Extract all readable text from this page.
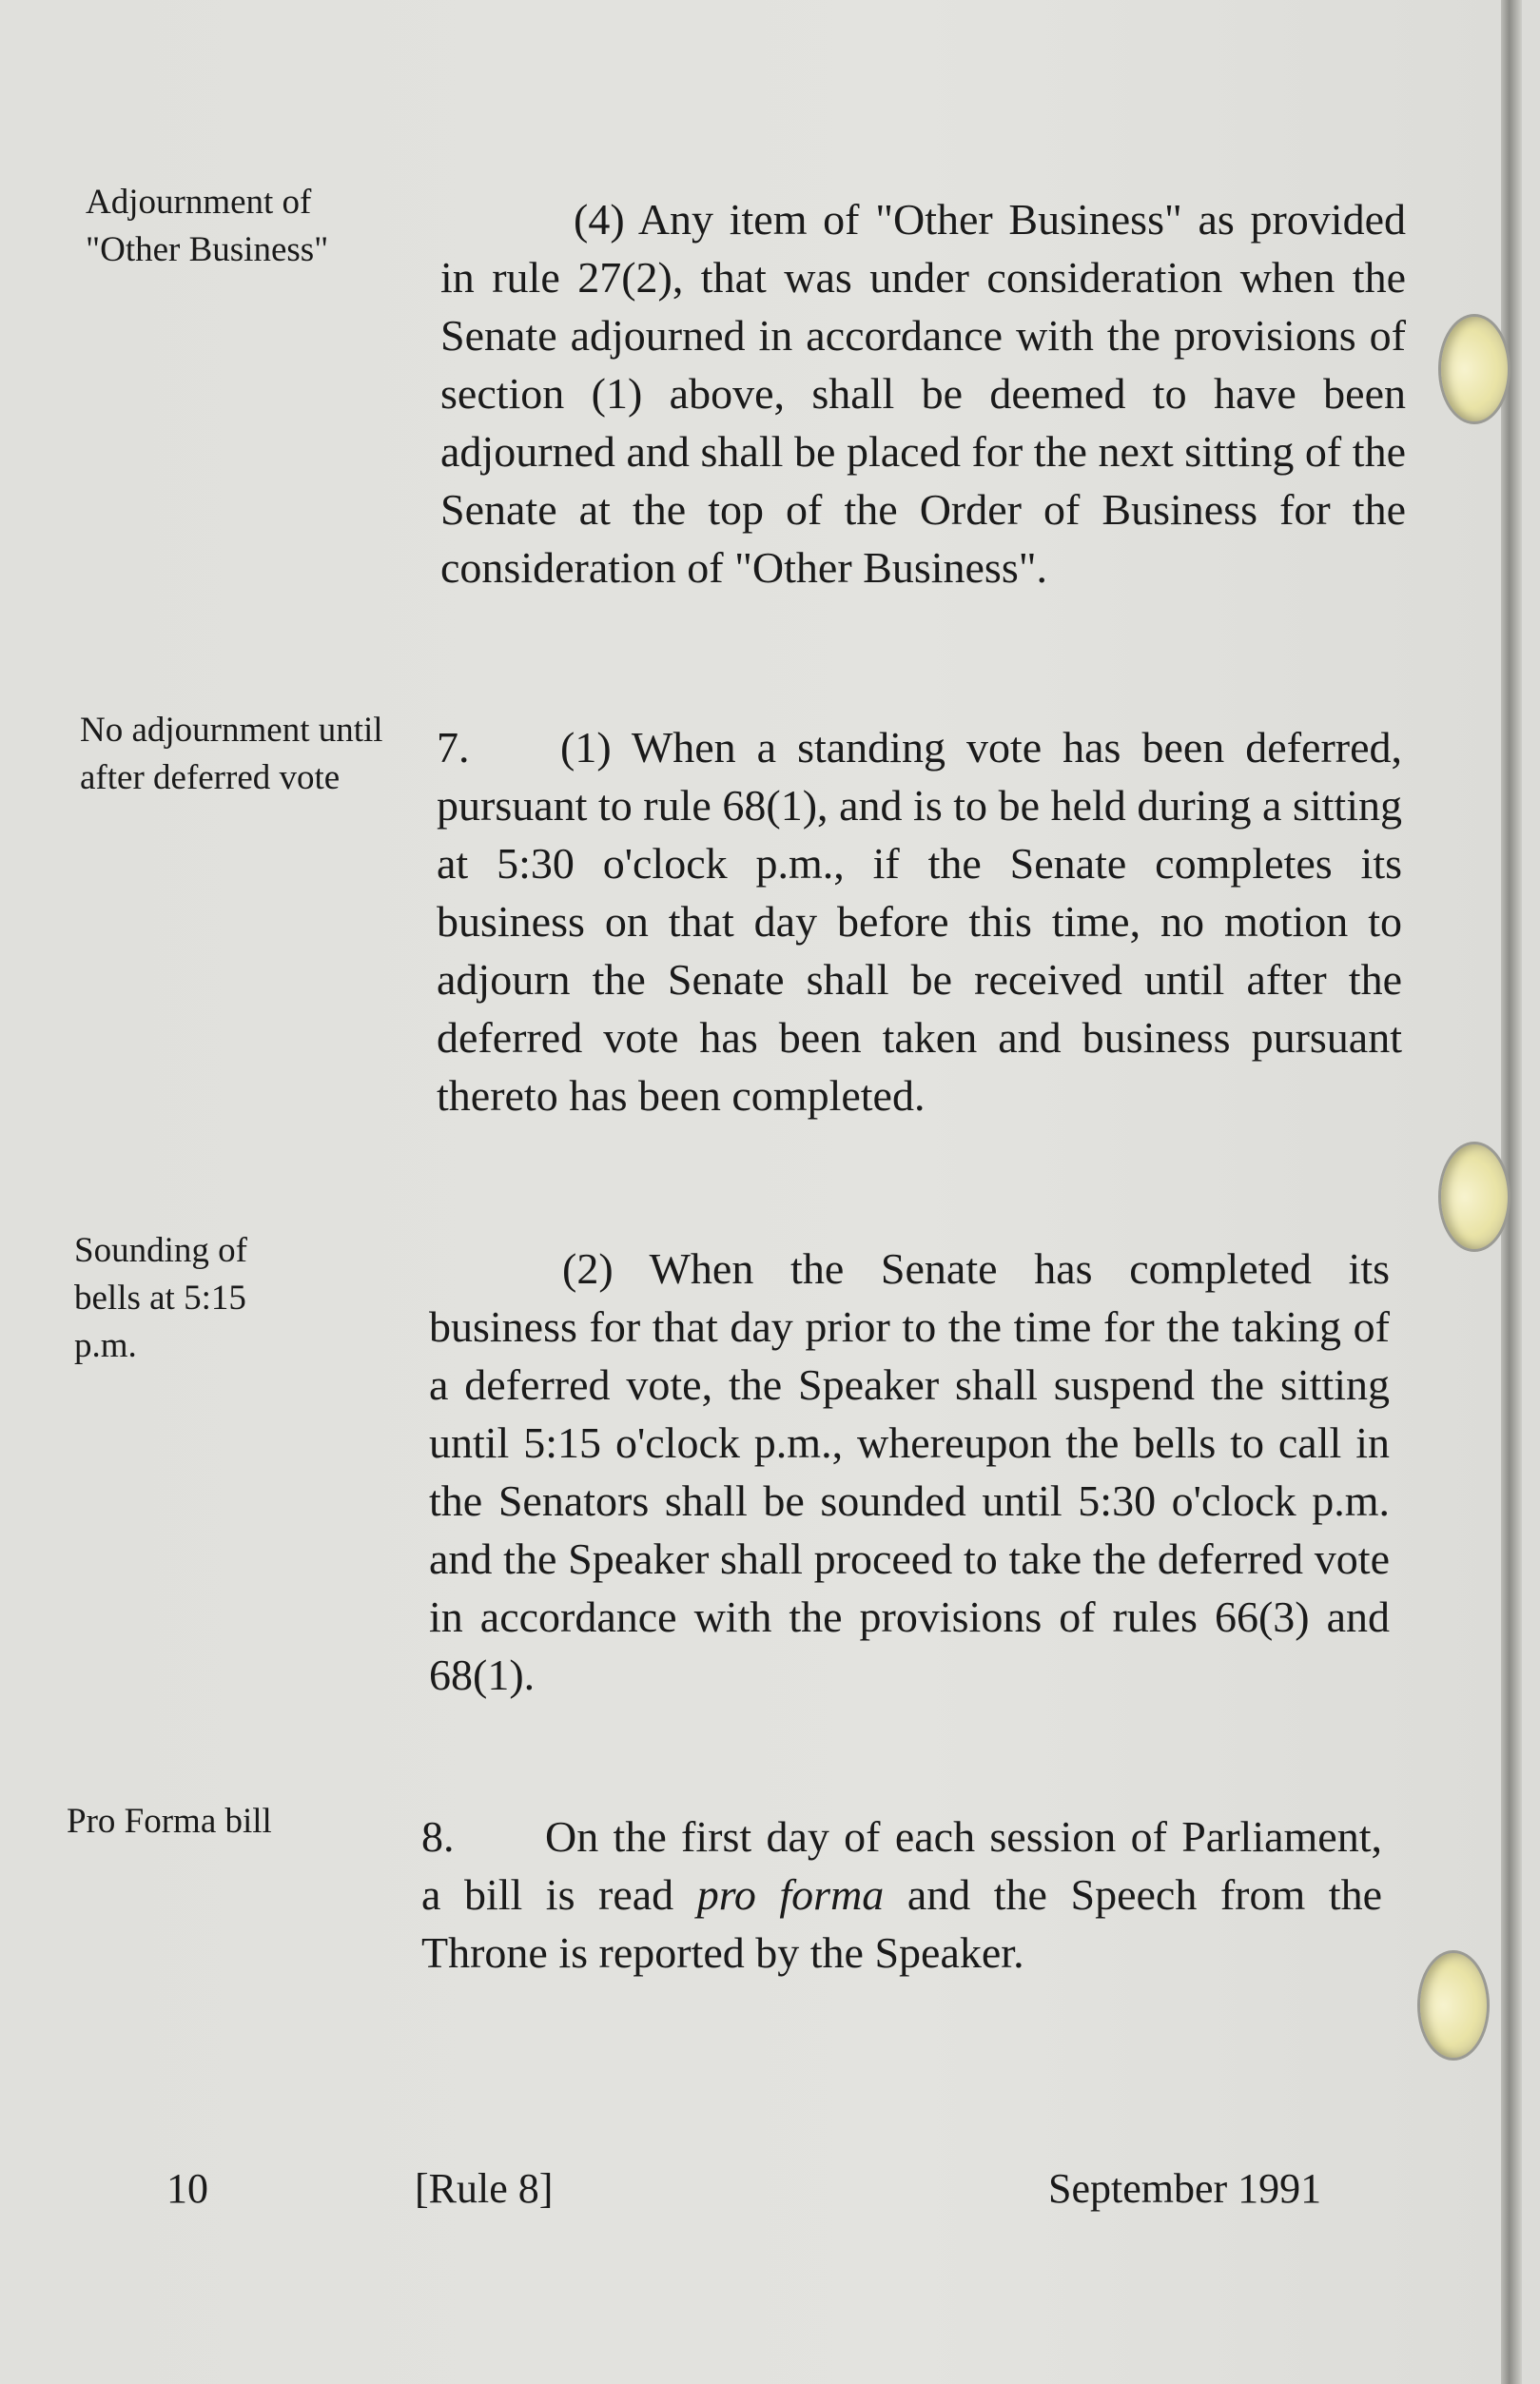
Adjournment of "Other Business"
No adjournment until after deferred vote
Sounding of bells at 5:15 p.m.
Pro Forma bill
(4) Any item of "Other Business" as provided in rule 27(2), that was under consideration when the Senate adjourned in accordance with the provisions of section (1) above, shall be deemed to have been adjourned and shall be placed for the next sitting of the Senate at the top of the Order of Business for the consideration of "Other Business".
7. (1) When a standing vote has been deferred, pursuant to rule 68(1), and is to be held during a sitting at 5:30 o'clock p.m., if the Senate completes its business on that day before this time, no motion to adjourn the Senate shall be received until after the deferred vote has been taken and business pursuant thereto has been completed.
(2) When the Senate has completed its business for that day prior to the time for the taking of a deferred vote, the Speaker shall suspend the sitting until 5:15 o'clock p.m., whereupon the bells to call in the Senators shall be sounded until 5:30 o'clock p.m. and the Speaker shall proceed to take the deferred vote in accordance with the provisions of rules 66(3) and 68(1).
8. On the first day of each session of Parliament, a bill is read pro forma and the Speech from the Throne is reported by the Speaker.
10	[Rule 8]	September 1991
